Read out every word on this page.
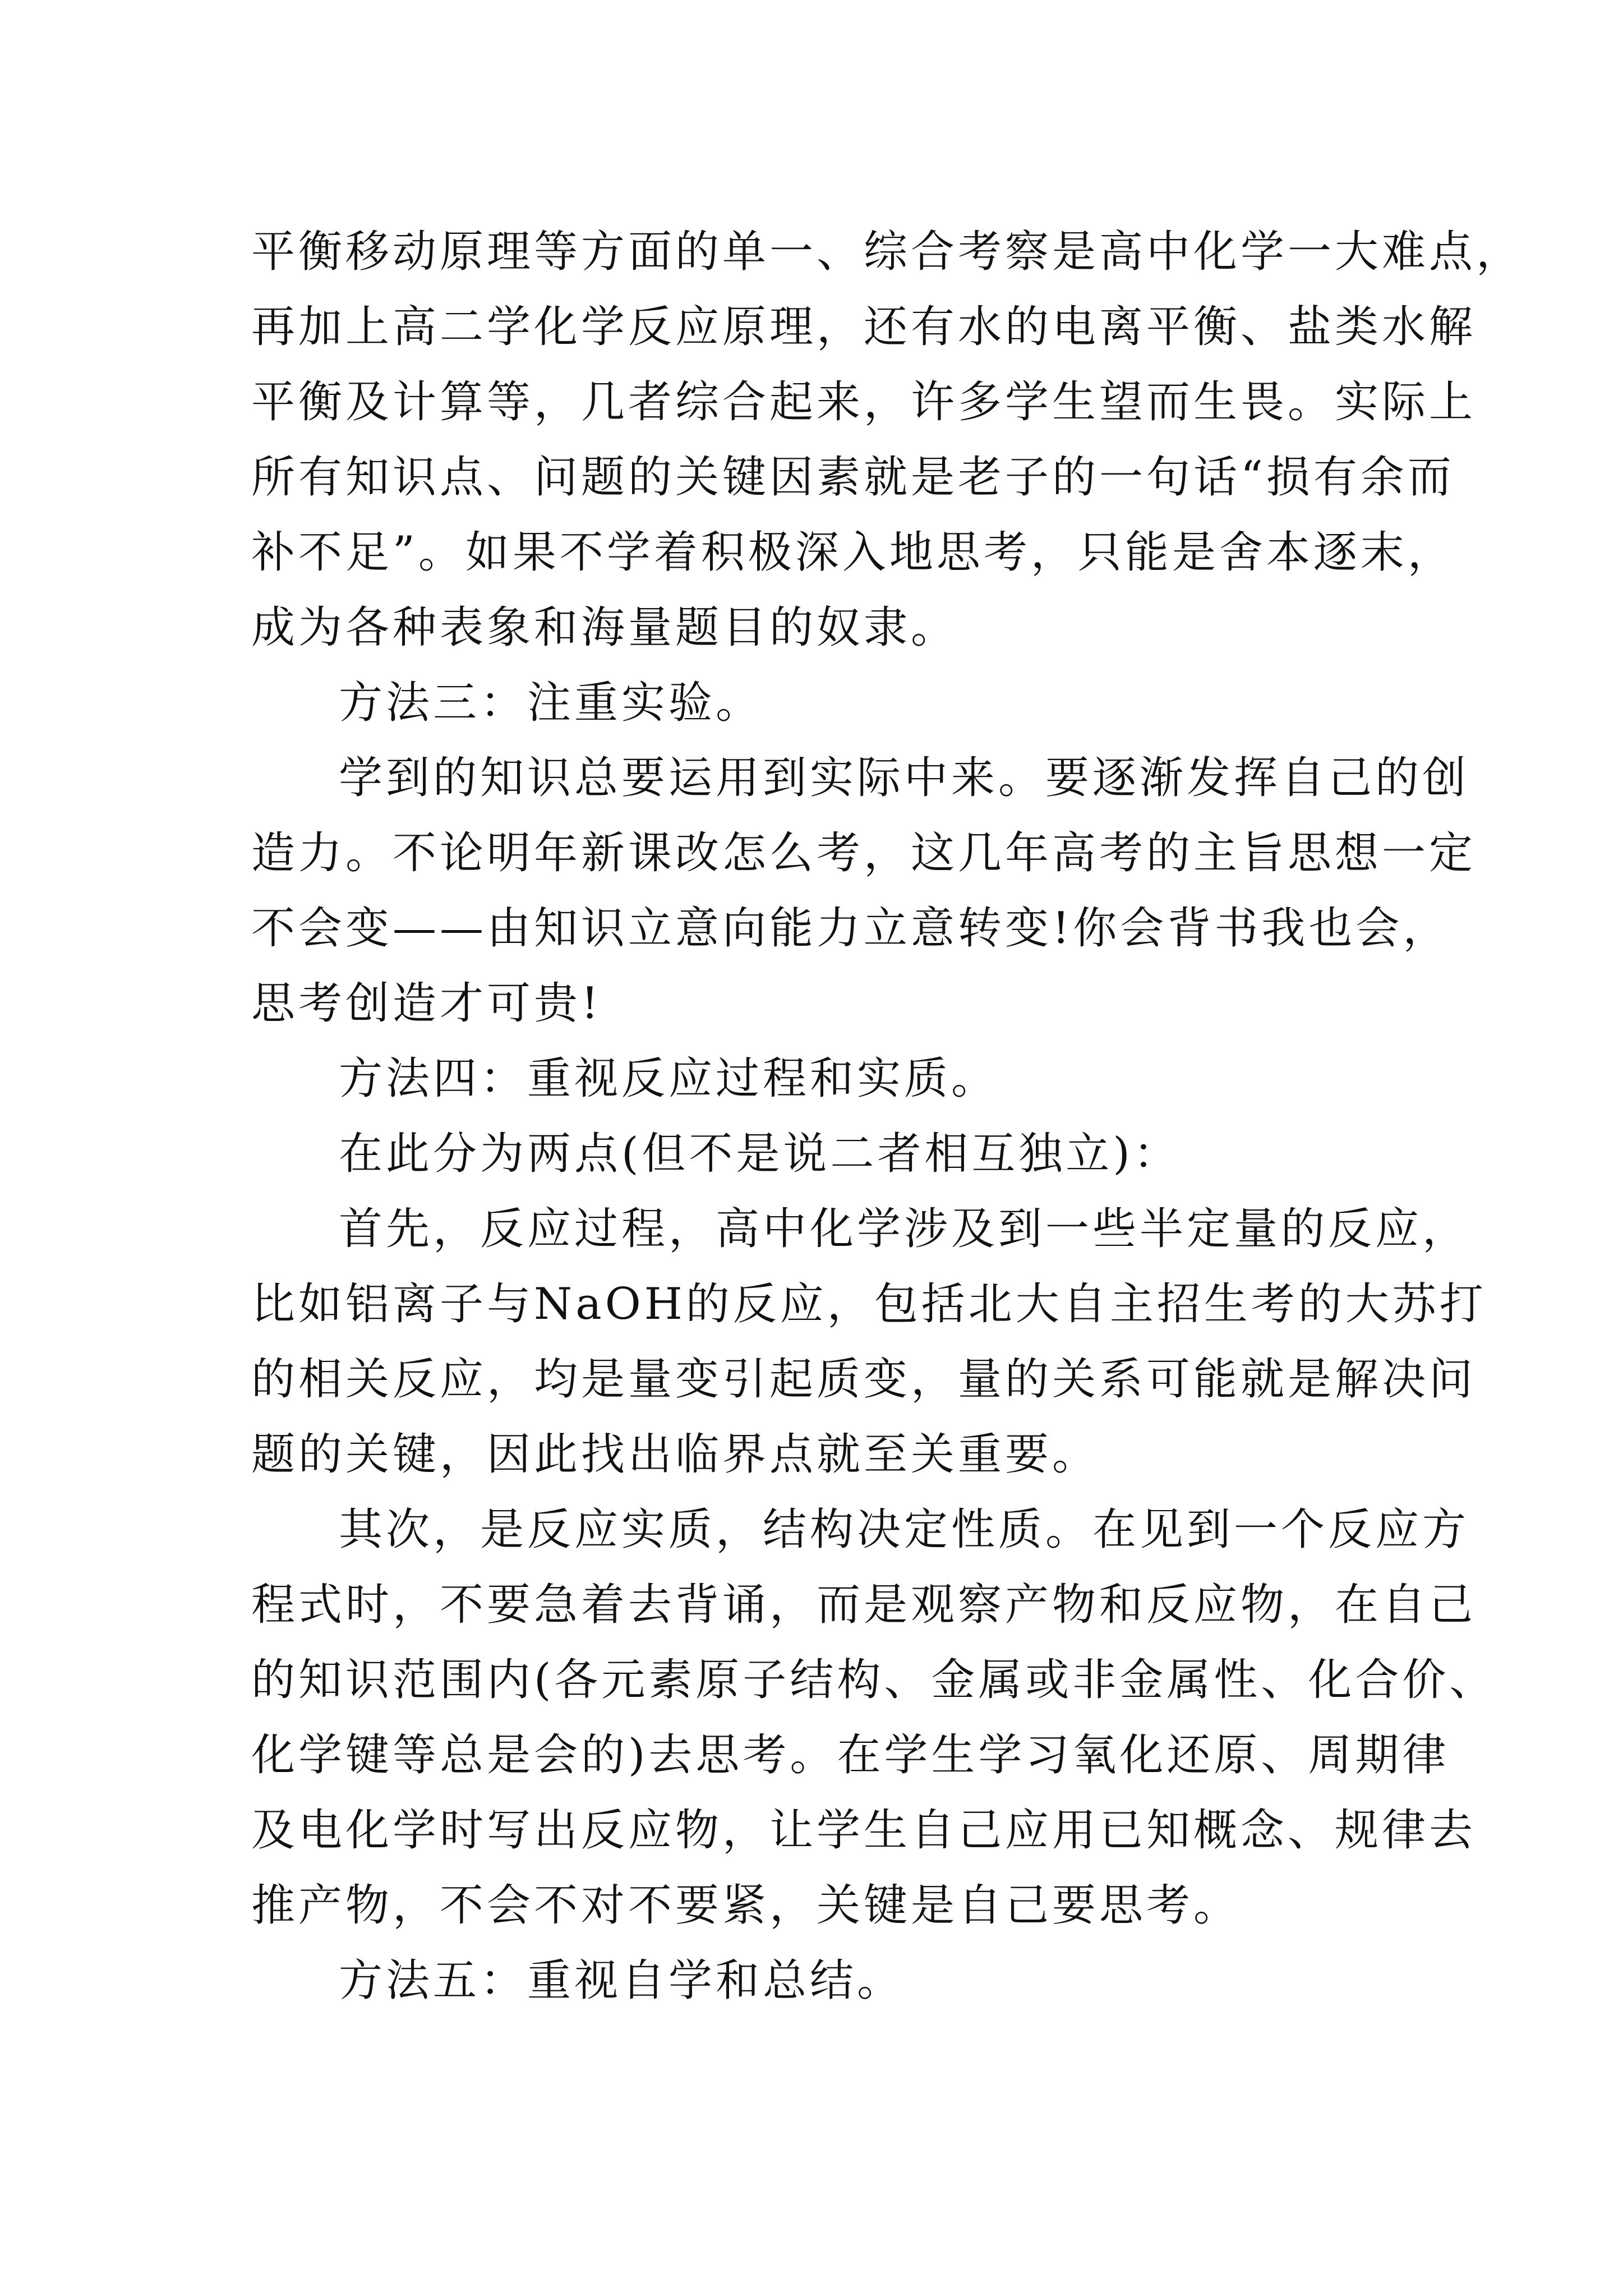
平衡移动原理等方面的单一、综合考察是高中化学一大难点，
再加上高二学化学反应原理，还有水的电离平衡、盐类水解
平衡及计算等，几者综合起来，许多学生望而生畏。实际上
所有知识点、问题的关键因素就是老子的一句话“损有余而
补不足”。如果不学着积极深入地思考，只能是舍本逐末，
成为各种表象和海量题目的奴隶。
方法三：注重实验。
学到的知识总要运用到实际中来。要逐渐发挥自己的创
造力。不论明年新课改怎么考，这几年高考的主旨思想一定
不会变——由知识立意向能力立意转变!你会背书我也会，
思考创造才可贵!
方法四：重视反应过程和实质。
在此分为两点(但不是说二者相互独立)：
首先，反应过程，高中化学涉及到一些半定量的反应，
比如铝离子与NaOH的反应，包括北大自主招生考的大苏打
的相关反应，均是量变引起质变，量的关系可能就是解决问
题的关键，因此找出临界点就至关重要。
其次，是反应实质，结构决定性质。在见到一个反应方
程式时，不要急着去背诵，而是观察产物和反应物，在自己
的知识范围内(各元素原子结构、金属或非金属性、化合价、
化学键等总是会的)去思考。在学生学习氧化还原、周期律
及电化学时写出反应物，让学生自己应用已知概念、规律去
推产物，不会不对不要紧，关键是自己要思考。
方法五：重视自学和总结。
